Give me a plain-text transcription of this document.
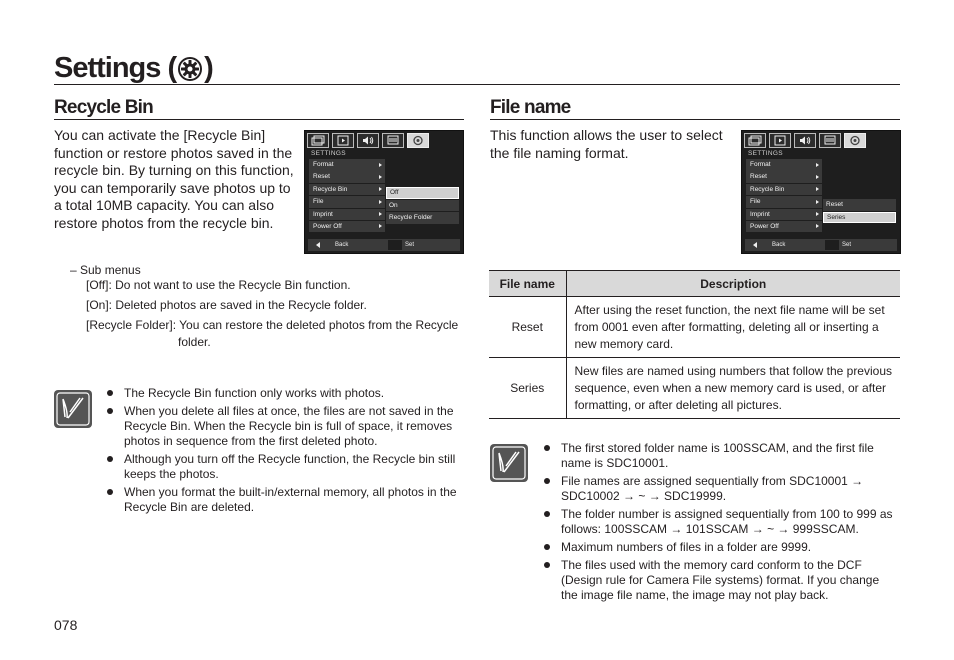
Settings ( )
Recycle Bin
You can activate the [Recycle Bin] function or restore photos saved in the recycle bin. By turning on this function, you can temporarily save photos up to a total 10MB capacity. You can also restore photos from the recycle bin.
SETTINGS
Format
Reset
Recycle Bin
File
Imprint
Power Off
Off
On
Recycle Folder
Back	Set
– Sub menus
[Off]: Do not want to use the Recycle Bin function.
[On]: Deleted photos are saved in the Recycle folder.
[Recycle Folder]: You can restore the deleted photos from the Recycle
folder.
The Recycle Bin function only works with photos.
When you delete all files at once, the files are not saved in the Recycle Bin. When the Recycle bin is full of space, it removes photos in sequence from the first deleted photo.
Although you turn off the Recycle function, the Recycle bin still keeps the photos.
When you format the built-in/external memory, all photos in the Recycle Bin are deleted.
File name
This function allows the user to select the file naming format.	SETTINGS
Format
Reset
Recycle Bin
File
Imprint
Power Off
Reset
Series
Back	Set
File name	Description
Reset	After using the reset function, the next file name will be set from 0001 even after formatting, deleting all or inserting a new memory card.
Series	New files are named using numbers that follow the previous sequence, even when a new memory card is used, or after formatting, or after deleting all pictures.
The first stored folder name is 100SSCAM, and the first file name is SDC10001.
File names are assigned sequentially from SDC10001 → SDC10002 → ~ → SDC19999.
The folder number is assigned sequentially from 100 to 999 as follows: 100SSCAM → 101SSCAM → ~ → 999SSCAM.
Maximum numbers of files in a folder are 9999.
The files used with the memory card conform to the DCF (Design rule for Camera File systems) format. If you change the image file name, the image may not play back.
078
